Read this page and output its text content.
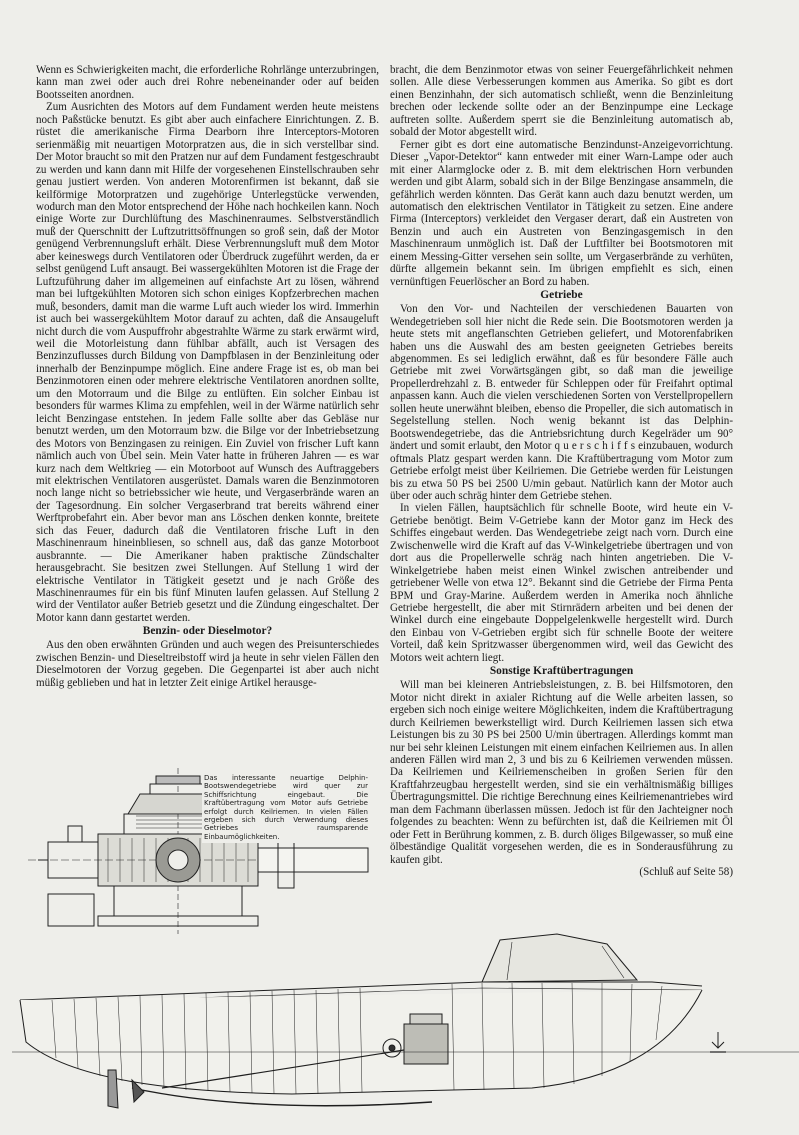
Wenn es Schwierigkeiten macht, die erforderliche Rohrlänge unterzubringen, kann man zwei oder auch drei Rohre nebeneinander oder auf beiden Bootsseiten anordnen.

Zum Ausrichten des Motors auf dem Fundament werden heute meistens noch Paßstücke benutzt. Es gibt aber auch einfachere Einrichtungen. Z. B. rüstet die amerikanische Firma Dearborn ihre Interceptors-Motoren serienmäßig mit neuartigen Motorpratzen aus, die in sich verstellbar sind. Der Motor braucht so mit den Pratzen nur auf dem Fundament festgeschraubt zu werden und kann dann mit Hilfe der vorgesehenen Einstellschrauben sehr genau justiert werden. Von anderen Motorenfirmen ist bekannt, daß sie keilförmige Motorpratzen und zugehörige Unterlegstücke verwenden, wodurch man den Motor entsprechend der Höhe nach hochkeilen kann. Noch einige Worte zur Durchlüftung des Maschinenraumes. Selbstverständlich muß der Querschnitt der Luftzutrittsöffnungen so groß sein, daß der Motor genügend Verbrennungsluft erhält. Diese Verbrennungsluft muß dem Motor aber keineswegs durch Ventilatoren oder Überdruck zugeführt werden, da er selbst genügend Luft ansaugt. Bei wassergekühlten Motoren ist die Frage der Luftzuführung daher im allgemeinen auf einfachste Art zu lösen, während man bei luftgekühlten Motoren sich schon einiges Kopfzerbrechen machen muß, besonders, damit man die warme Luft auch wieder los wird. Immerhin ist auch bei wassergekühltem Motor darauf zu achten, daß die Ansaugeluft nicht durch die vom Auspuffrohr abgestrahlte Wärme zu stark erwärmt wird, weil die Motorleistung dann fühlbar abfällt, auch ist Versagen des Benzinzuflusses durch Bildung von Dampfblasen in der Benzinleitung oder innerhalb der Benzinpumpe möglich. Eine andere Frage ist es, ob man bei Benzinmotoren einen oder mehrere elektrische Ventilatoren anordnen sollte, um den Motorraum und die Bilge zu entlüften. Ein solcher Einbau ist besonders für warmes Klima zu empfehlen, weil in der Wärme natürlich sehr leicht Benzingase entstehen. In jedem Falle sollte aber das Gebläse nur benutzt werden, um den Motorraum bzw. die Bilge vor der Inbetriebsetzung des Motors von Benzingasen zu reinigen. Ein Zuviel von frischer Luft kann nämlich auch von Übel sein. Mein Vater hatte in früheren Jahren — es war kurz nach dem Weltkrieg — ein Motorboot auf Wunsch des Auftraggebers mit elektrischen Ventilatoren ausgerüstet. Damals waren die Benzinmotoren noch lange nicht so betriebssicher wie heute, und Vergaserbrände waren an der Tagesordnung. Ein solcher Vergaserbrand trat bereits während einer Werftprobefahrt ein. Aber bevor man ans Löschen denken konnte, breitete sich das Feuer, dadurch daß die Ventilatoren frische Luft in den Maschinenraum hineinbliesen, so schnell aus, daß das ganze Motorboot ausbrannte. — Die Amerikaner haben praktische Zündschalter herausgebracht. Sie besitzen zwei Stellungen. Auf Stellung 1 wird der elektrische Ventilator in Tätigkeit gesetzt und je nach Größe des Maschinenraumes für ein bis fünf Minuten laufen gelassen. Auf Stellung 2 wird der Ventilator außer Betrieb gesetzt und die Zündung eingeschaltet. Der Motor kann dann gestartet werden.

Benzin- oder Dieselmotor?

Aus den oben erwähnten Gründen und auch wegen des Preisunterschiedes zwischen Benzin- und Dieseltreibstoff wird ja heute in sehr vielen Fällen den Dieselmotoren der Vorzug gegeben. Die Gegenpartei ist aber auch nicht müßig geblieben und hat in letzter Zeit einige Artikel herausge-

bracht, die dem Benzinmotor etwas von seiner Feuergefährlichkeit nehmen sollen. Alle diese Verbesserungen kommen aus Amerika. So gibt es dort einen Benzinhahn, der sich automatisch schließt, wenn die Benzinleitung brechen oder leckende sollte oder an der Benzinpumpe eine Leckage auftreten sollte. Außerdem sperrt sie die Benzinleitung automatisch ab, sobald der Motor abgestellt wird.

Ferner gibt es dort eine automatische Benzindunst-Anzeigevorrichtung. Dieser „Vapor-Detektor“ kann entweder mit einer Warn-Lampe oder auch mit einer Alarmglocke oder z. B. mit dem elektrischen Horn verbunden werden und gibt Alarm, sobald sich in der Bilge Benzingase ansammeln, die gefährlich werden könnten. Das Gerät kann auch dazu benutzt werden, um automatisch den elektrischen Ventilator in Tätigkeit zu setzen. Eine andere Firma (Interceptors) verkleidet den Vergaser derart, daß ein Austreten von Benzin und auch ein Austreten von Benzingasgemisch in den Maschinenraum unmöglich ist. Daß der Luftfilter bei Bootsmotoren mit einem Messing-Gitter versehen sein sollte, um Vergaserbrände zu verhüten, dürfte allgemein bekannt sein. Im übrigen empfiehlt es sich, einen vernünftigen Feuerlöscher an Bord zu haben.

Getriebe

Von den Vor- und Nachteilen der verschiedenen Bauarten von Wendegetrieben soll hier nicht die Rede sein. Die Bootsmotoren werden ja heute stets mit angeflanschten Getrieben geliefert, und Motorenfabriken haben uns die Auswahl des am besten geeigneten Getriebes bereits abgenommen. Es sei lediglich erwähnt, daß es für besondere Fälle auch Getriebe mit zwei Vorwärtsgängen gibt, so daß man die jeweilige Propellerdrehzahl z. B. entweder für Schleppen oder für Freifahrt optimal anpassen kann. Auch die vielen verschiedenen Sorten von Verstellpropellern sollen heute unerwähnt bleiben, ebenso die Propeller, die sich automatisch in Segelstellung stellen. Noch wenig bekannt ist das Delphin-Bootswendegetriebe, das die Antriebsrichtung durch Kegelräder um 90° ändert und somit erlaubt, den Motor q u e r s c h i f f s einzubauen, wodurch oftmals Platz gespart werden kann. Die Kraftübertragung vom Motor zum Getriebe erfolgt meist über Keilriemen. Die Getriebe werden für Leistungen bis zu etwa 50 PS bei 2500 U/min gebaut. Natürlich kann der Motor auch über oder auch schräg hinter dem Getriebe stehen.

In vielen Fällen, hauptsächlich für schnelle Boote, wird heute ein V-Getriebe benötigt. Beim V-Getriebe kann der Motor ganz im Heck des Schiffes eingebaut werden. Das Wendegetriebe zeigt nach vorn. Durch eine Zwischenwelle wird die Kraft auf das V-Winkelgetriebe übertragen und von dort aus die Propellerwelle schräg nach hinten angetrieben. Die V-Winkelgetriebe haben meist einen Winkel zwischen antreibender und getriebener Welle von etwa 12°. Bekannt sind die Getriebe der Firma Penta BPM und Gray-Marine. Außerdem werden in Amerika noch ähnliche Getriebe hergestellt, die aber mit Stirnrädern arbeiten und bei denen der Winkel durch eine eingebaute Doppelgelenkwelle hergestellt wird. Durch den Einbau von V-Getrieben ergibt sich für schnelle Boote der weitere Vorteil, daß kein Spritzwasser übergenommen wird, weil das Gewicht des Motors weit achtern liegt.

Sonstige Kraftübertragungen

Will man bei kleineren Antriebsleistungen, z. B. bei Hilfsmotoren, den Motor nicht direkt in axialer Richtung auf die Welle arbeiten lassen, so ergeben sich noch einige weitere Möglichkeiten, indem die Kraftübertragung durch Keilriemen bewerkstelligt wird. Durch Keilriemen lassen sich etwa Leistungen bis zu 30 PS bei 2500 U/min übertragen. Allerdings kommt man nur bei sehr kleinen Leistungen mit einem einfachen Keilriemen aus. In allen anderen Fällen wird man 2, 3 und bis zu 6 Keilriemen verwenden müssen. Da Keilriemen und Keilriemenscheiben in großen Serien für den Kraftfahrzeugbau hergestellt werden, sind sie ein verhältnismäßig billiges Übertragungsmittel. Die richtige Berechnung eines Keilriemenantriebes wird man dem Fachmann überlassen müssen. Jedoch ist für den Jachteigner noch folgendes zu beachten: Wenn zu befürchten ist, daß die Keilriemen mit Öl oder Fett in Berührung kommen, z. B. durch öliges Bilgewasser, so muß eine ölbeständige Qualität vorgesehen werden, die es in Sonderausführung zu kaufen gibt.

(Schluß auf Seite 58)

Das interessante neuartige Delphin-Bootswendegetriebe wird quer zur Schiffsrichtung eingebaut. Die Kraftübertragung vom Motor aufs Getriebe erfolgt durch Keilriemen. In vielen Fällen ergeben sich durch Verwendung dieses Getriebes raumsparende Einbaumöglichkeiten.
